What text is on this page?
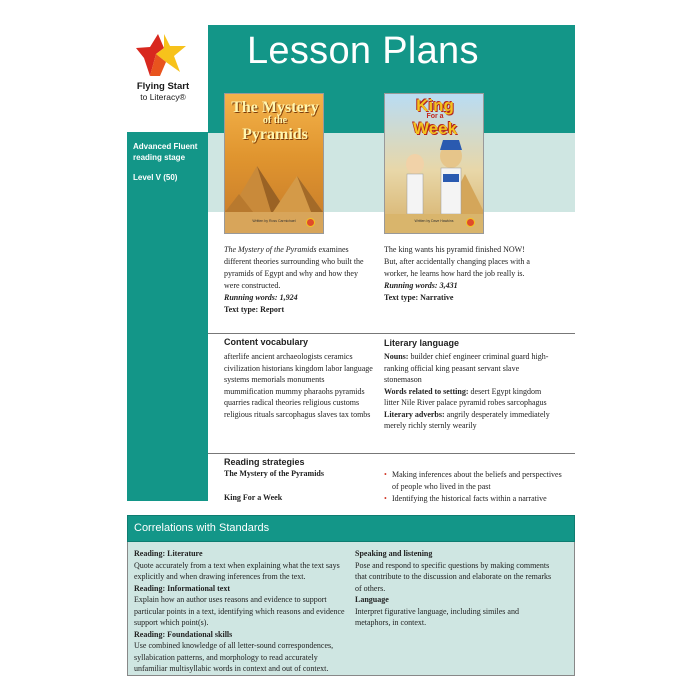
Flying Start
to Literacy®
Lesson Plans
Advanced Fluent reading stage
Level V (50)
The Mystery
of the
Pyramids
Written by Ross Carmichael
King
For a
Week
Written by Dave Hawkins
The Mystery of the Pyramids examines different theories surrounding who built the pyramids of Egypt and why and how they were constructed.
Running words: 1,924
Text type: Report
The king wants his pyramid finished NOW! But, after accidentally changing places with a worker, he learns how hard the job really is.
Running words: 3,431
Text type: Narrative
Content vocabulary
afterlife ancient archaeologists ceramics civilization historians kingdom labor language systems memorials monuments mummification mummy pharaohs pyramids quarries radical theories religious customs religious rituals sarcophagus slaves tax tombs
Literary language
Nouns: builder chief engineer criminal guard high-ranking official king peasant servant slave stonemason
Words related to setting: desert Egypt kingdom litter Nile River palace pyramid robes sarcophagus
Literary adverbs: angrily desperately immediately merely richly sternly wearily
Reading strategies
The Mystery of the Pyramids	• Making inferences about the beliefs and perspectives of people who lived in the past
King For a Week	• Identifying the historical facts within a narrative
Correlations with Standards
Reading: Literature
Quote accurately from a text when explaining what the text says explicitly and when drawing inferences from the text.
Reading: Informational text
Explain how an author uses reasons and evidence to support particular points in a text, identifying which reasons and evidence support which point(s).
Reading: Foundational skills
Use combined knowledge of all letter-sound correspondences, syllabication patterns, and morphology to read accurately unfamiliar multisyllabic words in context and out of context.
Speaking and listening
Pose and respond to specific questions by making comments that contribute to the discussion and elaborate on the remarks of others.
Language
Interpret figurative language, including similes and metaphors, in context.
